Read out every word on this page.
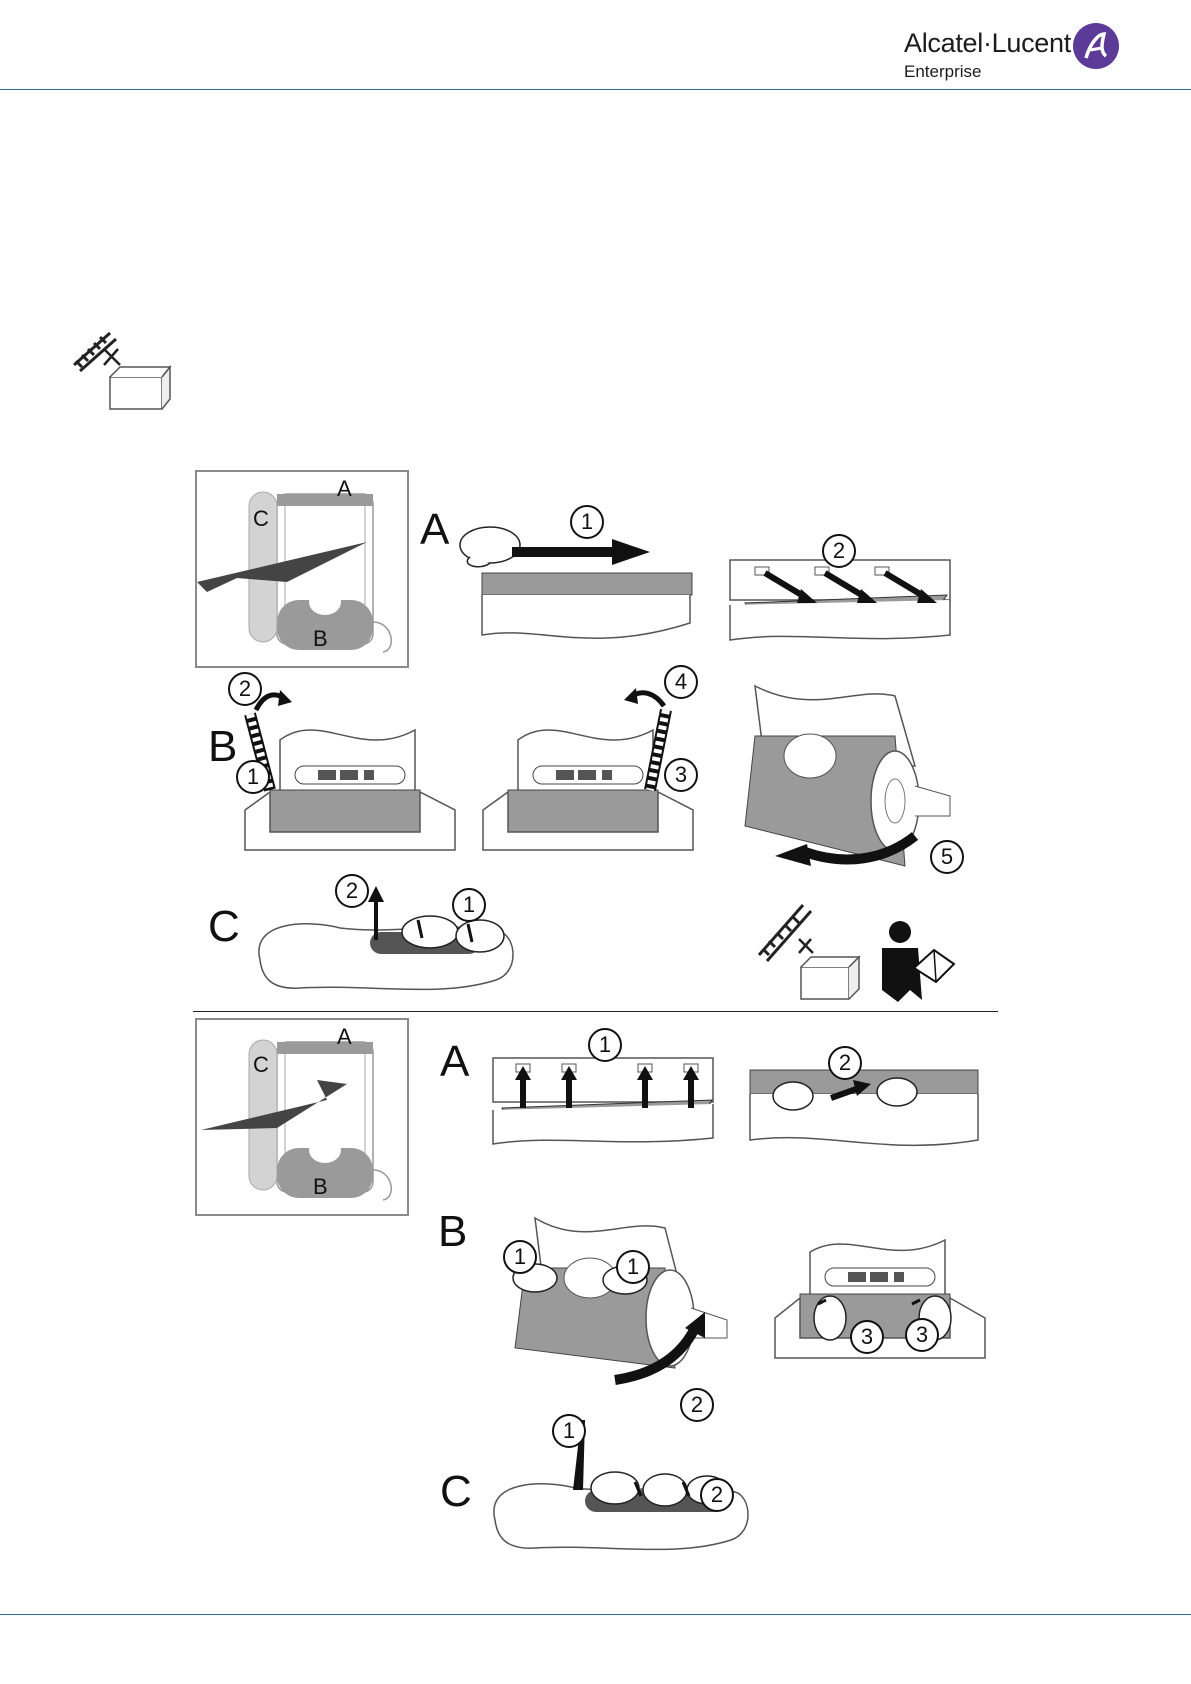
Alcatel·Lucent
Enterprise
A
C
B
A	1
2
B
2
1
4
3
5
C
2
1
A
C
B
A	1
2
B
1	1
2
3	3
C
1
2
